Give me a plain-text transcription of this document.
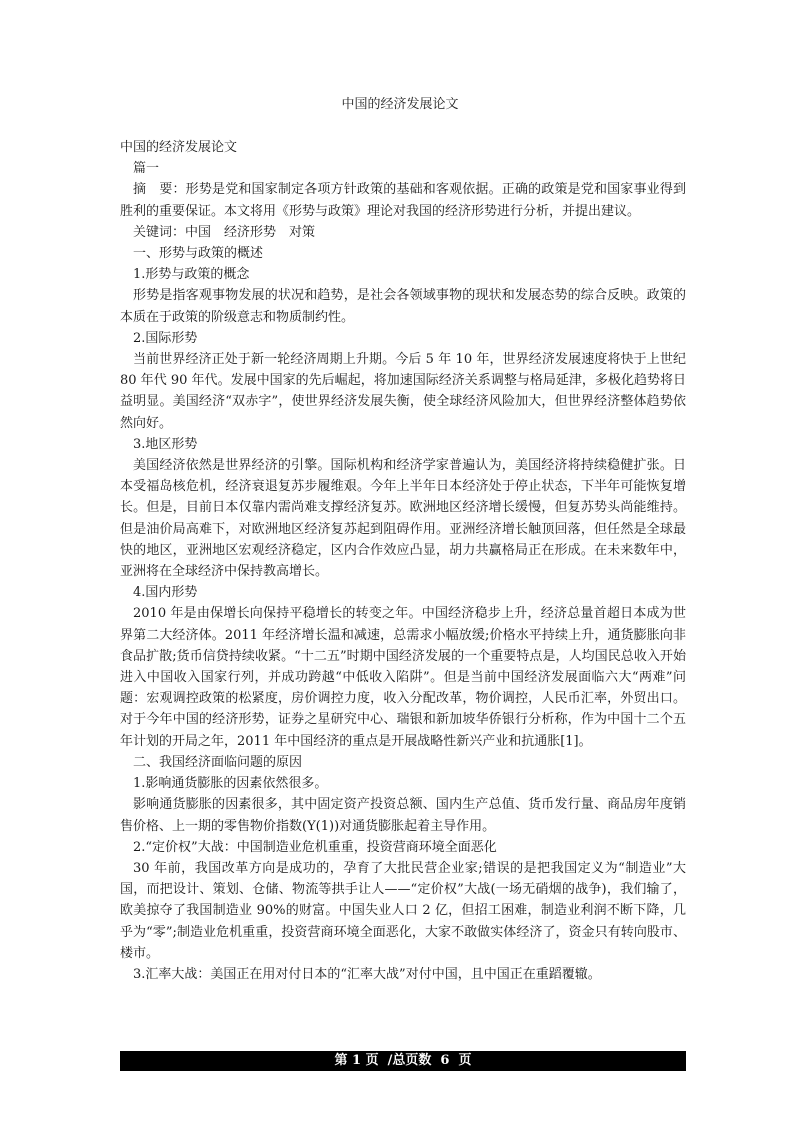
中国的经济发展论文

中国的经济发展论文

篇一

摘　要：形势是党和国家制定各项方针政策的基础和客观依据。正确的政策是党和国家事业得到胜利的重要保证。本文将用《形势与政策》理论对我国的经济形势进行分析，并提出建议。

关键词：中国　经济形势　对策

一、形势与政策的概述

1.形势与政策的概念

形势是指客观事物发展的状况和趋势，是社会各领域事物的现状和发展态势的综合反映。政策的本质在于政策的阶级意志和物质制约性。

2.国际形势

当前世界经济正处于新一轮经济周期上升期。今后 5 年 10 年，世界经济发展速度将快于上世纪 80 年代 90 年代。发展中国家的先后崛起，将加速国际经济关系调整与格局延津，多极化趋势将日益明显。美国经济“双赤字”，使世界经济发展失衡，使全球经济风险加大，但世界经济整体趋势依然向好。

3.地区形势

美国经济依然是世界经济的引擎。国际机构和经济学家普遍认为，美国经济将持续稳健扩张。日本受福岛核危机，经济衰退复苏步履维艰。今年上半年日本经济处于停止状态，下半年可能恢复增长。但是，目前日本仅靠内需尚难支撑经济复苏。欧洲地区经济增长缓慢，但复苏势头尚能维持。但是油价局高难下，对欧洲地区经济复苏起到阻碍作用。亚洲经济增长触顶回落，但任然是全球最快的地区，亚洲地区宏观经济稳定，区内合作效应凸显，胡力共赢格局正在形成。在未来数年中，亚洲将在全球经济中保持教高增长。

4.国内形势

2010 年是由保增长向保持平稳增长的转变之年。中国经济稳步上升，经济总量首超日本成为世界第二大经济体。2011 年经济增长温和减速，总需求小幅放缓;价格水平持续上升，通货膨胀向非食品扩散;货币信贷持续收紧。“十二五”时期中国经济发展的一个重要特点是，人均国民总收入开始进入中国收入国家行列，并成功跨越“中低收入陷阱”。但是当前中国经济发展面临六大“两难”问题：宏观调控政策的松紧度，房价调控力度，收入分配改革，物价调控，人民币汇率，外贸出口。对于今年中国的经济形势，证券之星研究中心、瑞银和新加坡华侨银行分析称，作为中国十二个五年计划的开局之年，2011 年中国经济的重点是开展战略性新兴产业和抗通胀[1]。

二、我国经济面临问题的原因

1.影响通货膨胀的因素依然很多。

影响通货膨胀的因素很多，其中固定资产投资总额、国内生产总值、货币发行量、商品房年度销售价格、上一期的零售物价指数(Y(1))对通货膨胀起着主导作用。

2.“定价权”大战：中国制造业危机重重，投资营商环境全面恶化

30 年前，我国改革方向是成功的，孕育了大批民营企业家;错误的是把我国定义为“制造业”大国，而把设计、策划、仓储、物流等拱手让人——“定价权”大战(一场无硝烟的战争)，我们输了，欧美掠夺了我国制造业 90%的财富。中国失业人口 2 亿，但招工困难，制造业利润不断下降，几乎为“零”;制造业危机重重，投资营商环境全面恶化，大家不敢做实体经济了，资金只有转向股市、楼市。

3.汇率大战：美国正在用对付日本的“汇率大战”对付中国，且中国正在重蹈覆辙。

第 1 页  /总页数  6  页
